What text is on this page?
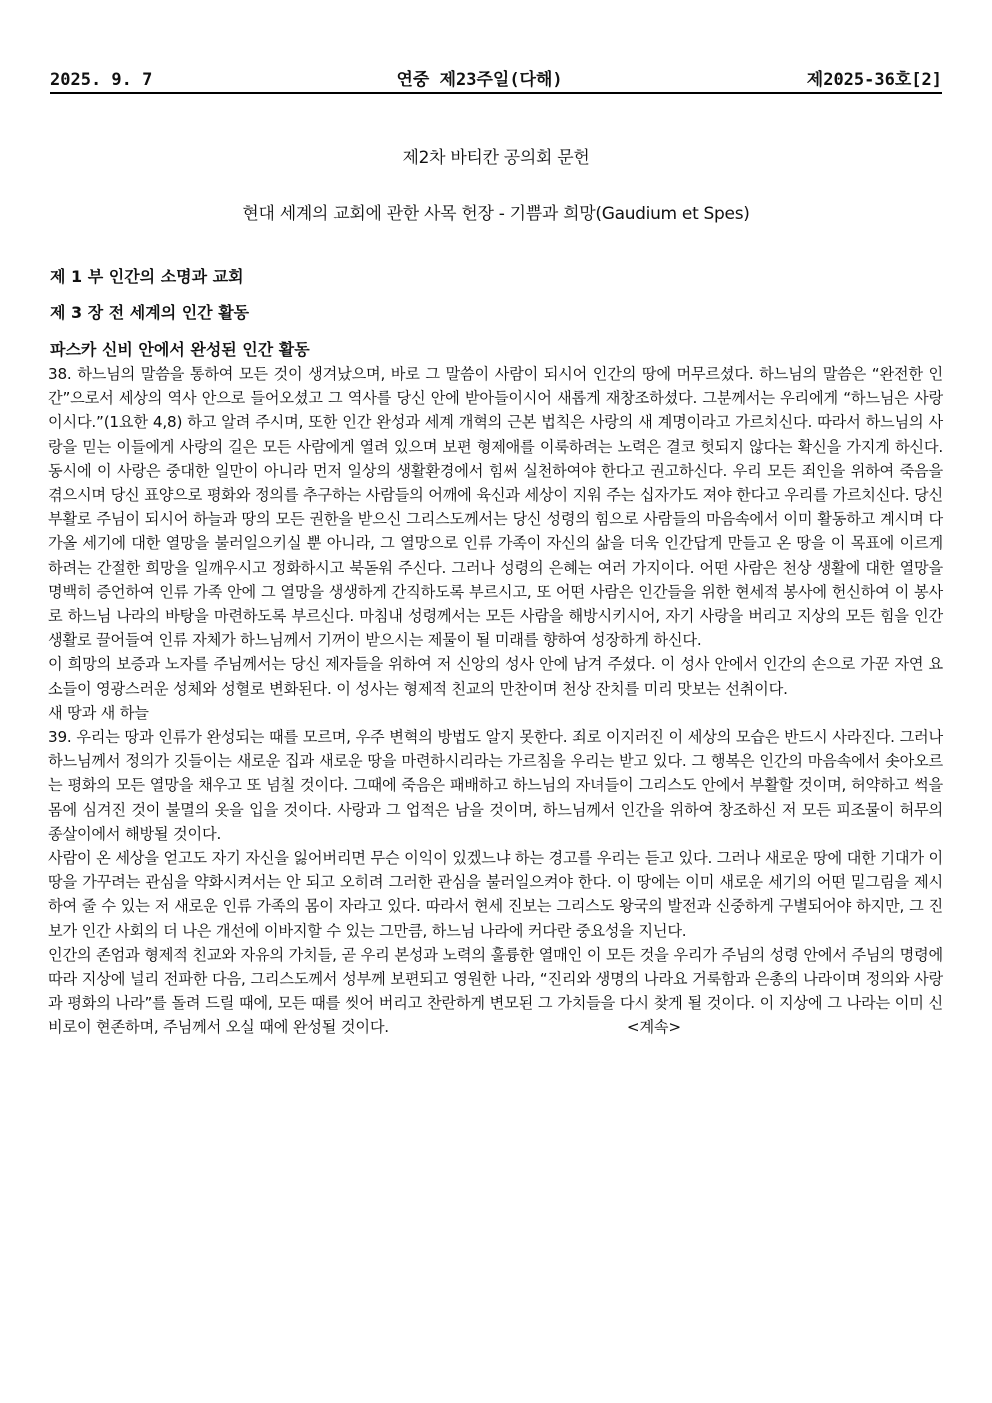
2025. 9. 7	연중 제23주일(다해)	제2025-36호[2]
제2차 바티칸 공의회 문헌
현대 세계의 교회에 관한 사목 헌장 - 기쁨과 희망(Gaudium et Spes)
제 1 부 인간의 소명과 교회
제 3 장 전 세계의 인간 활동
파스카 신비 안에서 완성된 인간 활동

38. 하느님의 말씀을 통하여 모든 것이 생겨났으며, 바로 그 말씀이 사람이 되시어 인간의 땅에 머무르셨다. 하느님의 말씀은 “완전한 인간”으로서 세상의 역사 안으로 들어오셨고 그 역사를 당신 안에 받아들이시어 새롭게 재창조하셨다. 그분께서는 우리에게 “하느님은 사랑이시다.”(1요한 4,8) 하고 알려 주시며, 또한 인간 완성과 세계 개혁의 근본 법칙은 사랑의 새 계명이라고 가르치신다. 따라서 하느님의 사랑을 믿는 이들에게 사랑의 길은 모든 사람에게 열려 있으며 보편 형제애를 이룩하려는 노력은 결코 헛되지 않다는 확신을 가지게 하신다. 동시에 이 사랑은 중대한 일만이 아니라 먼저 일상의 생활환경에서 힘써 실천하여야 한다고 권고하신다. 우리 모든 죄인을 위하여 죽음을 겪으시며 당신 표양으로 평화와 정의를 추구하는 사람들의 어깨에 육신과 세상이 지워 주는 십자가도 져야 한다고 우리를 가르치신다. 당신 부활로 주님이 되시어 하늘과 땅의 모든 권한을 받으신 그리스도께서는 당신 성령의 힘으로 사람들의 마음속에서 이미 활동하고 계시며 다가올 세기에 대한 열망을 불러일으키실 뿐 아니라, 그 열망으로 인류 가족이 자신의 삶을 더욱 인간답게 만들고 온 땅을 이 목표에 이르게 하려는 간절한 희망을 일깨우시고 정화하시고 북돋워 주신다. 그러나 성령의 은혜는 여러 가지이다. 어떤 사람은 천상 생활에 대한 열망을 명백히 증언하여 인류 가족 안에 그 열망을 생생하게 간직하도록 부르시고, 또 어떤 사람은 인간들을 위한 현세적 봉사에 헌신하여 이 봉사로 하느님 나라의 바탕을 마련하도록 부르신다. 마침내 성령께서는 모든 사람을 해방시키시어, 자기 사랑을 버리고 지상의 모든 힘을 인간 생활로 끌어들여 인류 자체가 하느님께서 기꺼이 받으시는 제물이 될 미래를 향하여 성장하게 하신다.

이 희망의 보증과 노자를 주님께서는 당신 제자들을 위하여 저 신앙의 성사 안에 남겨 주셨다. 이 성사 안에서 인간의 손으로 가꾼 자연 요소들이 영광스러운 성체와 성혈로 변화된다. 이 성사는 형제적 친교의 만찬이며 천상 잔치를 미리 맛보는 선취이다.

새 땅과 새 하늘

39. 우리는 땅과 인류가 완성되는 때를 모르며, 우주 변혁의 방법도 알지 못한다. 죄로 이지러진 이 세상의 모습은 반드시 사라진다. 그러나 하느님께서 정의가 깃들이는 새로운 집과 새로운 땅을 마련하시리라는 가르침을 우리는 받고 있다. 그 행복은 인간의 마음속에서 솟아오르는 평화의 모든 열망을 채우고 또 넘칠 것이다. 그때에 죽음은 패배하고 하느님의 자녀들이 그리스도 안에서 부활할 것이며, 허약하고 썩을 몸에 심겨진 것이 불멸의 옷을 입을 것이다. 사랑과 그 업적은 남을 것이며, 하느님께서 인간을 위하여 창조하신 저 모든 피조물이 허무의 종살이에서 해방될 것이다.

사람이 온 세상을 얻고도 자기 자신을 잃어버리면 무슨 이익이 있겠느냐 하는 경고를 우리는 듣고 있다. 그러나 새로운 땅에 대한 기대가 이 땅을 가꾸려는 관심을 약화시켜서는 안 되고 오히려 그러한 관심을 불러일으켜야 한다. 이 땅에는 이미 새로운 세기의 어떤 밑그림을 제시하여 줄 수 있는 저 새로운 인류 가족의 몸이 자라고 있다. 따라서 현세 진보는 그리스도 왕국의 발전과 신중하게 구별되어야 하지만, 그 진보가 인간 사회의 더 나은 개선에 이바지할 수 있는 그만큼, 하느님 나라에 커다란 중요성을 지닌다.

인간의 존엄과 형제적 친교와 자유의 가치들, 곧 우리 본성과 노력의 훌륭한 열매인 이 모든 것을 우리가 주님의 성령 안에서 주님의 명령에 따라 지상에 널리 전파한 다음, 그리스도께서 성부께 보편되고 영원한 나라, “진리와 생명의 나라요 거룩함과 은총의 나라이며 정의와 사랑과 평화의 나라”를 돌려 드릴 때에, 모든 때를 씻어 버리고 찬란하게 변모된 그 가치들을 다시 찾게 될 것이다. 이 지상에 그 나라는 이미 신비로이 현존하며, 주님께서 오실 때에 완성될 것이다.	<계속>
